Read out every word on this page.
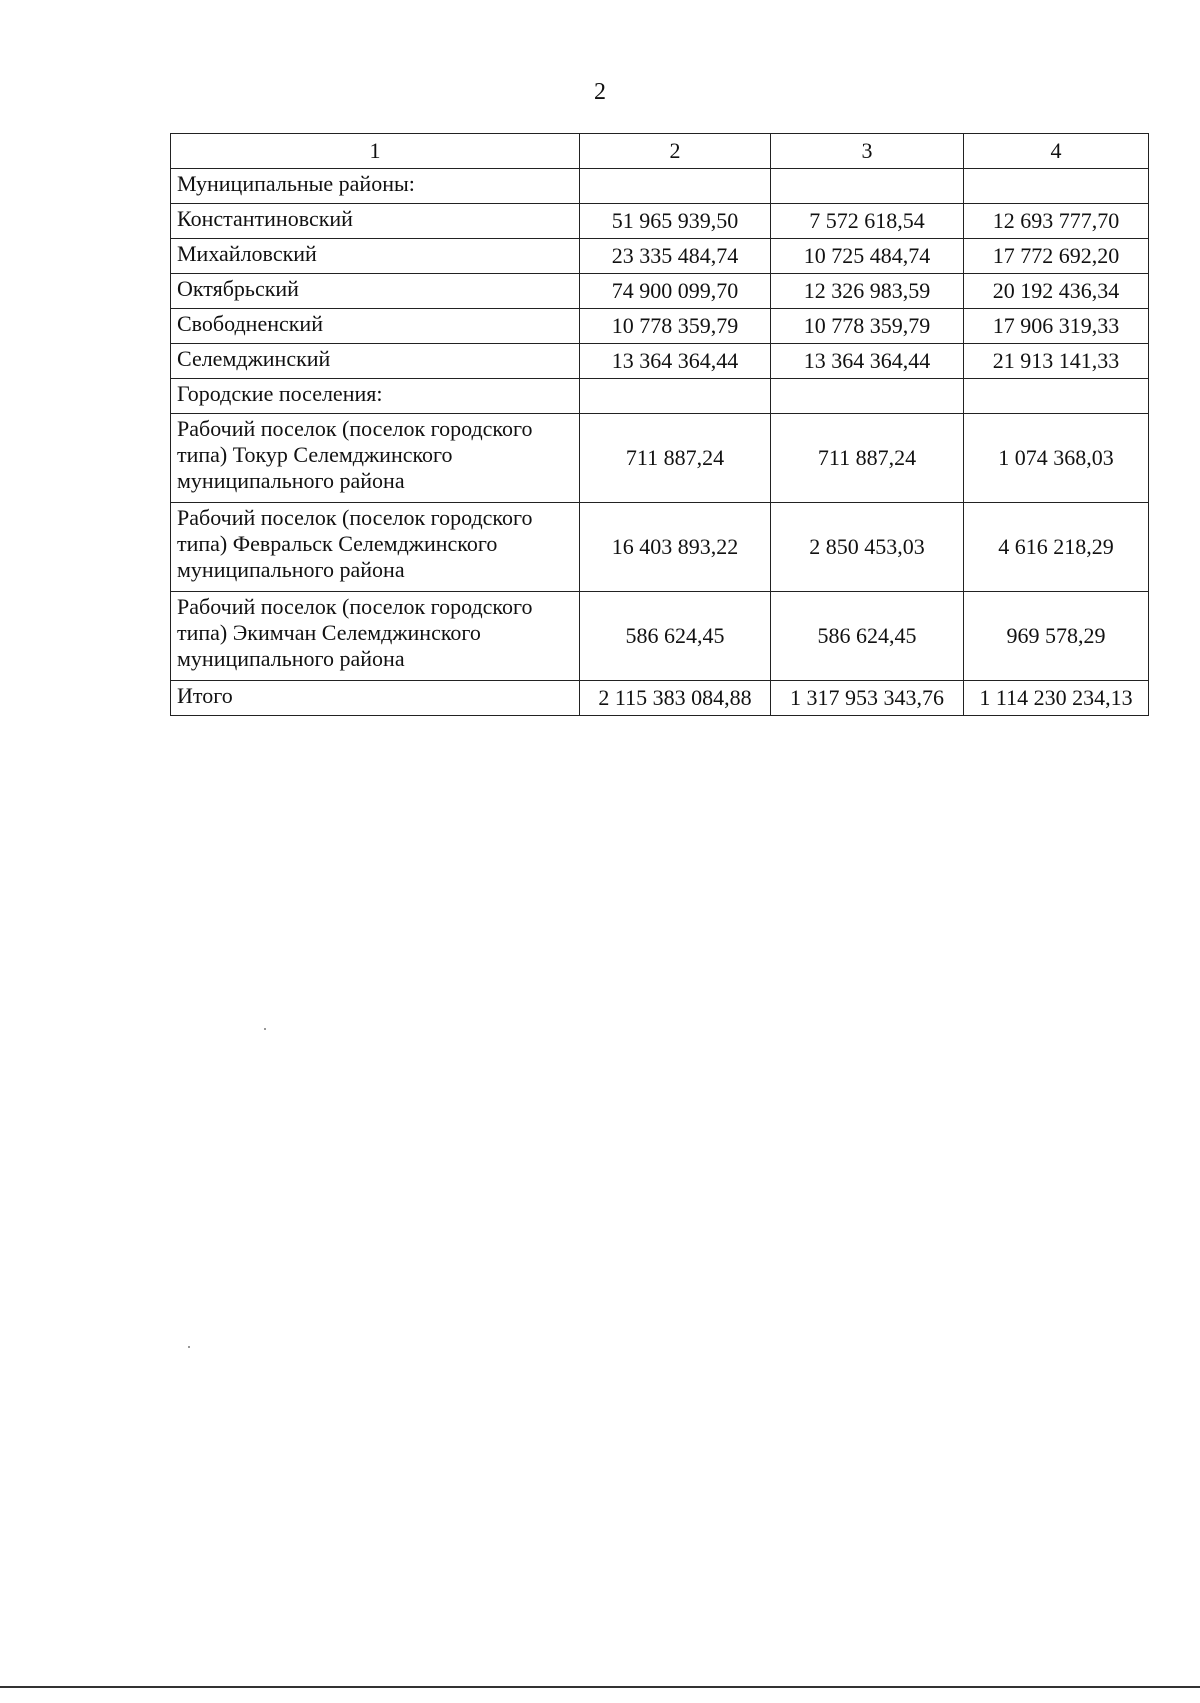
2
1	2	3	4
Муниципальные районы:			
Константиновский	51 965 939,50	7 572 618,54	12 693 777,70
Михайловский	23 335 484,74	10 725 484,74	17 772 692,20
Октябрьский	74 900 099,70	12 326 983,59	20 192 436,34
Свободненский	10 778 359,79	10 778 359,79	17 906 319,33
Селемджинский	13 364 364,44	13 364 364,44	21 913 141,33
Городские поселения:			
Рабочий поселок (поселок городского типа) Токур Селемджинского муниципального района	711 887,24	711 887,24	1 074 368,03
Рабочий поселок (поселок городского типа) Февральск Селемджинского муниципального района	16 403 893,22	2 850 453,03	4 616 218,29
Рабочий поселок (поселок городского типа) Экимчан Селемджинского муниципального района	586 624,45	586 624,45	969 578,29
Итого	2 115 383 084,88	1 317 953 343,76	1 114 230 234,13
